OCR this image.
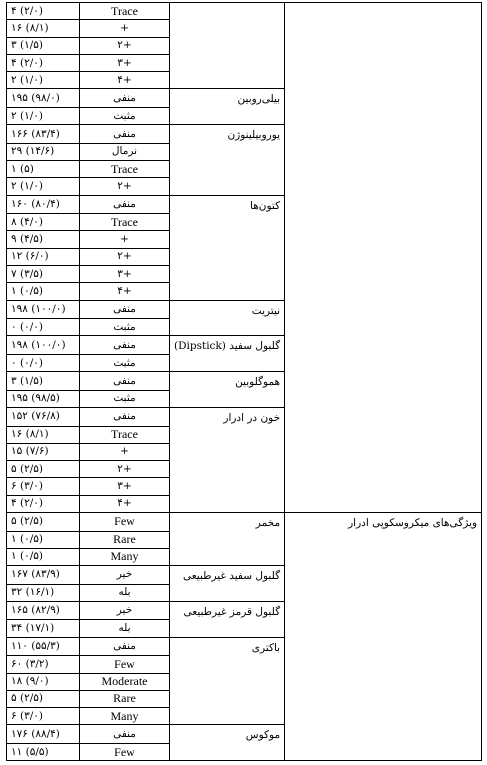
۴ (۲/۰)	Trace		
۱۶ (۸/۱)	+		
۳ (۱/۵)	۲+		
۴ (۲/۰)	۳+		
۲ (۱/۰)	۴+		
۱۹۵ (۹۸/۰)	منفی	بیلی‌روبین	
۲ (۱/۰)	مثبت		
۱۶۶ (۸۳/۴)	منفی	یوروبیلینوژن	
۲۹ (۱۴/۶)	نرمال		
۱ (۵)	Trace		
۲ (۱/۰)	۲+		
۱۶۰ (۸۰/۴)	منفی	کتون‌ها	
۸ (۴/۰)	Trace		
۹ (۴/۵)	+		
۱۲ (۶/۰)	۲+		
۷ (۳/۵)	۳+		
۱ (۰/۵)	۴+		
۱۹۸ (۱۰۰/۰)	منفی	نیتریت	
۰ (۰/۰)	مثبت		
۱۹۸ (۱۰۰/۰)	منفی	(Dipstick) گلبول سفید	
۰ (۰/۰)	مثبت		
۳ (۱/۵)	منفی	هموگلوبین	
۱۹۵ (۹۸/۵)	مثبت		
۱۵۲ (۷۶/۸)	منفی	خون در ادرار	
۱۶ (۸/۱)	Trace		
۱۵ (۷/۶)	+		
۵ (۲/۵)	۲+		
۶ (۳/۰)	۳+		
۴ (۲/۰)	۴+		
۵ (۲/۵)	Few	مخمر	ویژگی‌های میکروسکوپی ادرار
۱ (۰/۵)	Rare		
۱ (۰/۵)	Many		
۱۶۷ (۸۳/۹)	خیر	گلبول سفید غیرطبیعی	
۳۲ (۱۶/۱)	بله		
۱۶۵ (۸۲/۹)	خیر	گلبول قرمز غیرطبیعی	
۳۴ (۱۷/۱)	بله		
۱۱۰ (۵۵/۳)	منفی	باکتری	
۶۰ (۳/۲)	Few		
۱۸ (۹/۰)	Moderate		
۵ (۲/۵)	Rare		
۶ (۳/۰)	Many		
۱۷۶ (۸۸/۴)	منفی	موکوس	
۱۱ (۵/۵)	Few		
